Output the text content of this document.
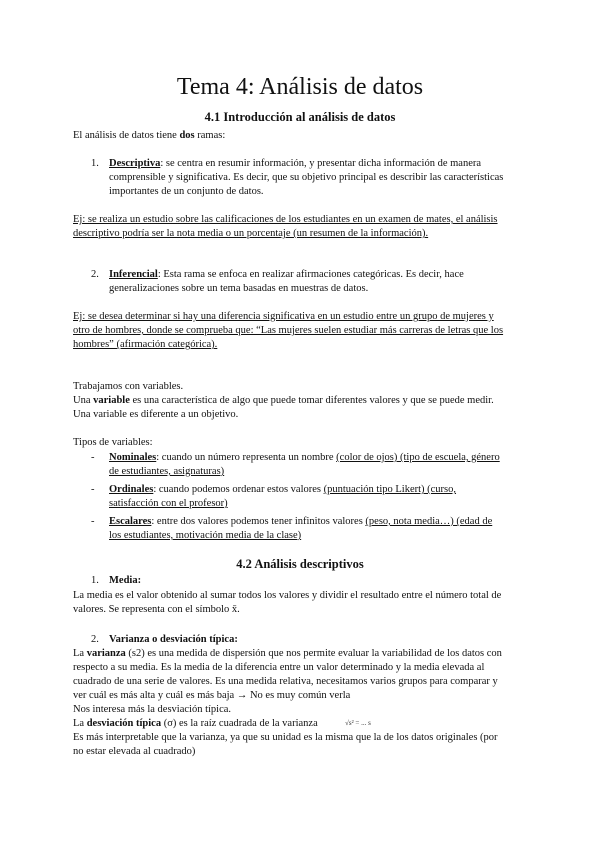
Tema 4: Análisis de datos
4.1 Introducción al análisis de datos
El análisis de datos tiene dos ramas:
1. Descriptiva: se centra en resumir información, y presentar dicha información de manera
comprensible y significativa. Es decir, que su objetivo principal es describir las características
importantes de un conjunto de datos.
Ej: se realiza un estudio sobre las calificaciones de los estudiantes en un examen de mates, el análisis
descriptivo podría ser la nota media o un porcentaje (un resumen de la información).
2. Inferencial: Esta rama se enfoca en realizar afirmaciones categóricas. Es decir, hace
generalizaciones sobre un tema basadas en muestras de datos.
Ej: se desea determinar si hay una diferencia significativa en un estudio entre un grupo de mujeres y
otro de hombres, donde se comprueba que: “Las mujeres suelen estudiar más carreras de letras que los
hombres” (afirmación categórica).
Trabajamos con variables.
Una variable es una característica de algo que puede tomar diferentes valores y que se puede medir.
Una variable es diferente a un objetivo.
Tipos de variables:
- Nominales: cuando un número representa un nombre (color de ojos) (tipo de escuela, género
de estudiantes, asignaturas)
- Ordinales: cuando podemos ordenar estos valores (puntuación tipo Likert) (curso,
satisfacción con el profesor)
- Escalares: entre dos valores podemos tener infinitos valores (peso, nota media…) (edad de
los estudiantes, motivación media de la clase)
4.2 Análisis descriptivos
1. Media:
La media es el valor obtenido al sumar todos los valores y dividir el resultado entre el número total de
valores. Se representa con el símbolo x̄.
2. Varianza o desviación típica:
La varianza (s2) es una medida de dispersión que nos permite evaluar la variabilidad de los datos con
respecto a su media. Es la media de la diferencia entre un valor determinado y la media elevada al
cuadrado de una serie de valores. Es una medida relativa, necesitamos varios grupos para comparar y
ver cuál es más alta y cuál es más baja → No es muy común verla
Nos interesa más la desviación típica.
La desviación típica (σ) es la raíz cuadrada de la varianza	√s² = ... s
Es más interpretable que la varianza, ya que su unidad es la misma que la de los datos originales (por
no estar elevada al cuadrado)
